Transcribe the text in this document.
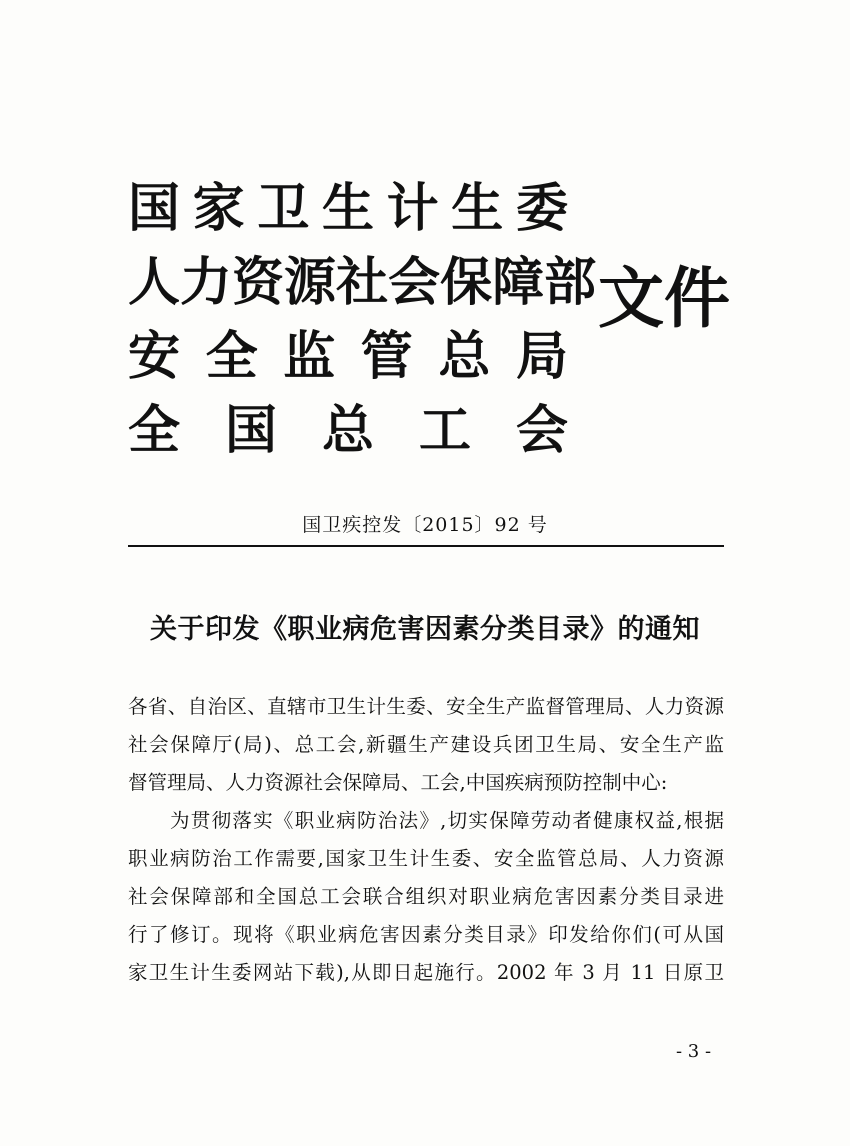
国 家 卫 生 计 生 委
人 力 资 源 社 会 保 障 部
安 全 监 管 总 局
全 国 总 工 会
文件
国卫疾控发〔2015〕92 号
关于印发《职业病危害因素分类目录》的通知
各省、自治区、直辖市卫生计生委、安全生产监督管理局、人力资源
社会保障厅(局)、总工会,新疆生产建设兵团卫生局、安全生产监
督管理局、人力资源社会保障局、工会,中国疾病预防控制中心:
为贯彻落实《职业病防治法》,切实保障劳动者健康权益,根据
职业病防治工作需要,国家卫生计生委、安全监管总局、人力资源
社会保障部和全国总工会联合组织对职业病危害因素分类目录进
行了修订。现将《职业病危害因素分类目录》印发给你们(可从国
家卫生计生委网站下载),从即日起施行。2002 年 3 月 11 日原卫
- 3 -
